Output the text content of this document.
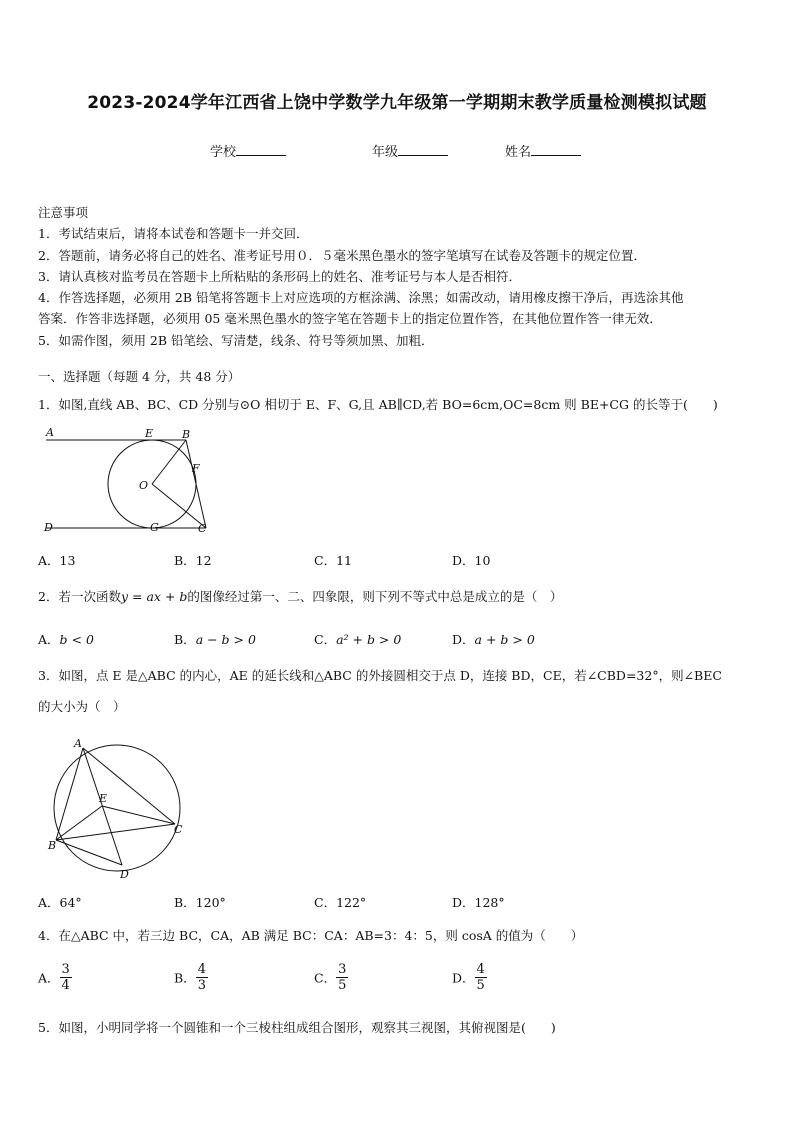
2023-2024学年江西省上饶中学数学九年级第一学期期末教学质量检测模拟试题
学校	年级	姓名
注意事项
1．考试结束后，请将本试卷和答题卡一并交回．
2．答题前，请务必将自己的姓名、准考证号用０．５毫米黑色墨水的签字笔填写在试卷及答题卡的规定位置．
3．请认真核对监考员在答题卡上所粘贴的条形码上的姓名、准考证号与本人是否相符．
4．作答选择题，必须用 2B 铅笔将答题卡上对应选项的方框涂满、涂黑；如需改动，请用橡皮擦干净后，再选涂其他
答案．作答非选择题，必须用 05 毫米黑色墨水的签字笔在答题卡上的指定位置作答，在其他位置作答一律无效．
5．如需作图，须用 2B 铅笔绘、写清楚，线条、符号等须加黑、加粗．
一、选择题（每题 4 分，共 48 分）
1．如图,直线 AB、BC、CD 分别与⊙O 相切于 E、F、G,且 AB∥CD,若 BO=6cm,OC=8cm 则 BE+CG 的长等于(　　)
A	E	B
F
O
D	G	C
A．13	B．12	C．11	D．10
2．若一次函数y = ax + b的图像经过第一、二、四象限，则下列不等式中总是成立的是（　）
A．b < 0	B．a − b > 0	C．a² + b > 0	D．a + b > 0
3．如图，点 E 是△ABC 的内心，AE 的延长线和△ABC 的外接圆相交于点 D，连接 BD，CE，若∠CBD=32°，则∠BEC
的大小为（　）
A
E
B
C
D
A．64°	B．120°	C．122°	D．128°
4．在△ABC 中，若三边 BC，CA，AB 满足 BC：CA：AB=3：4：5，则 cosA 的值为（　　）
A． $\frac{3}{4}$	B． $\frac{4}{3}$	C． $\frac{3}{5}$	D． $\frac{4}{5}$
5．如图，小明同学将一个圆锥和一个三棱柱组成组合图形，观察其三视图，其俯视图是(　　)
